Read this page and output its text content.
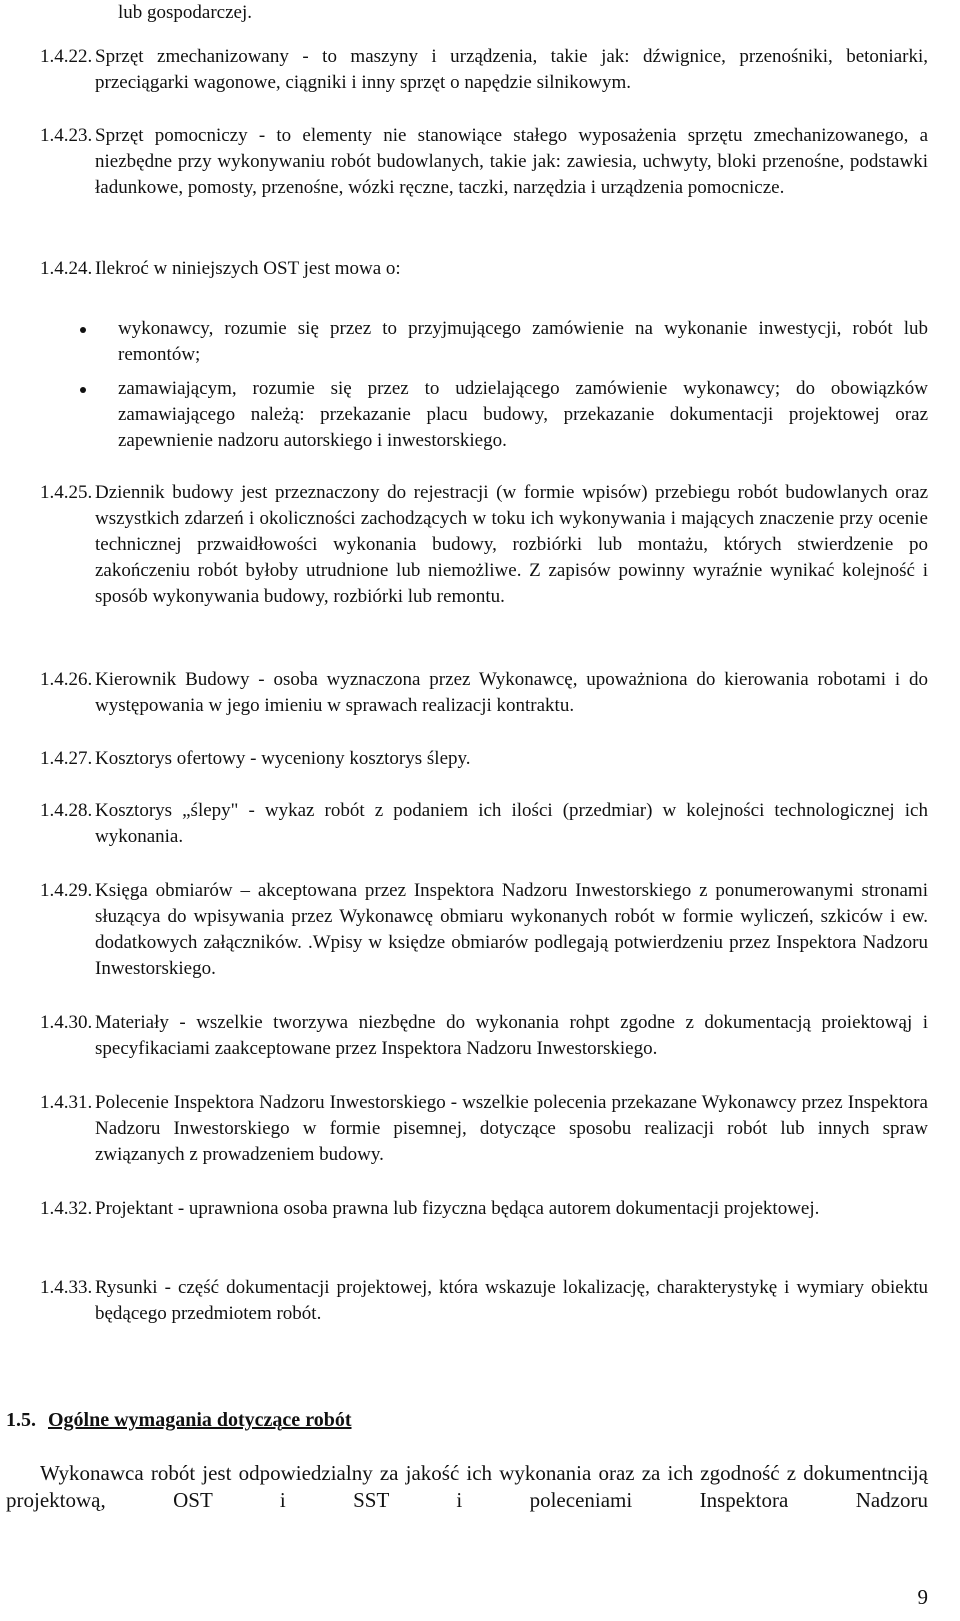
lub gospodarczej.

1.4.22. Sprzęt zmechanizowany - to maszyny i urządzenia, takie jak: dźwignice, przenośniki, betoniarki, przeciągarki wagonowe, ciągniki i inny sprzęt o napędzie silnikowym.

1.4.23. Sprzęt pomocniczy - to elementy nie stanowiące stałego wyposażenia sprzętu zmechanizowanego, a niezbędne przy wykonywaniu robót budowlanych, takie jak: zawiesia, uchwyty, bloki przenośne, podstawki ładunkowe, pomosty, przenośne, wózki ręczne, taczki, narzędzia i urządzenia pomocnicze.

1.4.24. Ilekroć w niniejszych OST jest mowa o:

wykonawcy, rozumie się przez to przyjmującego zamówienie na wykonanie inwestycji, robót lub remontów;
zamawiającym, rozumie się przez to udzielającego zamówienie wykonawcy; do obowiązków zamawiającego należą: przekazanie placu budowy, przekazanie dokumentacji projektowej oraz zapewnienie nadzoru autorskiego i inwestorskiego.

1.4.25. Dziennik budowy jest przeznaczony do rejestracji (w formie wpisów) przebiegu robót budowlanych oraz wszystkich zdarzeń i okoliczności zachodzących w toku ich wykonywania i mających znaczenie przy ocenie technicznej przwaidłowości wykonania budowy, rozbiórki lub montażu, których stwierdzenie po zakończeniu robót byłoby utrudnione lub niemożliwe. Z zapisów powinny wyraźnie wynikać kolejność i sposób wykonywania budowy, rozbiórki lub remontu.

1.4.26. Kierownik Budowy - osoba wyznaczona przez Wykonawcę, upoważniona do kierowania robotami i do występowania w jego imieniu w sprawach realizacji kontraktu.

1.4.27. Kosztorys ofertowy - wyceniony kosztorys ślepy.

1.4.28. Kosztorys „ślepy" - wykaz robót z podaniem ich ilości (przedmiar) w kolejności technologicznej ich wykonania.

1.4.29. Księga obmiarów – akceptowana przez Inspektora Nadzoru Inwestorskiego z ponumerowanymi stronami słuzącya do wpisywania przez Wykonawcę obmiaru wykonanych robót w formie wyliczeń, szkiców i ew. dodatkowych załączników. .Wpisy w księdze obmiarów podlegają potwierdzeniu przez Inspektora Nadzoru Inwestorskiego.

1.4.30. Materiały - wszelkie tworzywa niezbędne do wykonania rohpt zgodne z dokumentacją proiektowąj i specyfikaciami zaakceptowane przez Inspektora Nadzoru Inwestorskiego.

1.4.31. Polecenie Inspektora Nadzoru Inwestorskiego - wszelkie polecenia przekazane Wykonawcy przez Inspektora Nadzoru Inwestorskiego w formie pisemnej, dotyczące sposobu realizacji robót lub innych spraw związanych z prowadzeniem budowy.

1.4.32. Projektant - uprawniona osoba prawna lub fizyczna będąca autorem dokumentacji projektowej.

1.4.33. Rysunki - część dokumentacji projektowej, która wskazuje lokalizację, charakterystykę i wymiary obiektu będącego przedmiotem robót.

1.5. Ogólne wymagania dotyczące robót

Wykonawca robót jest odpowiedzialny za jakość ich wykonania oraz za ich zgodność z dokumentnciją projektową, OST i SST i poleceniami Inspektora Nadzoru

9
